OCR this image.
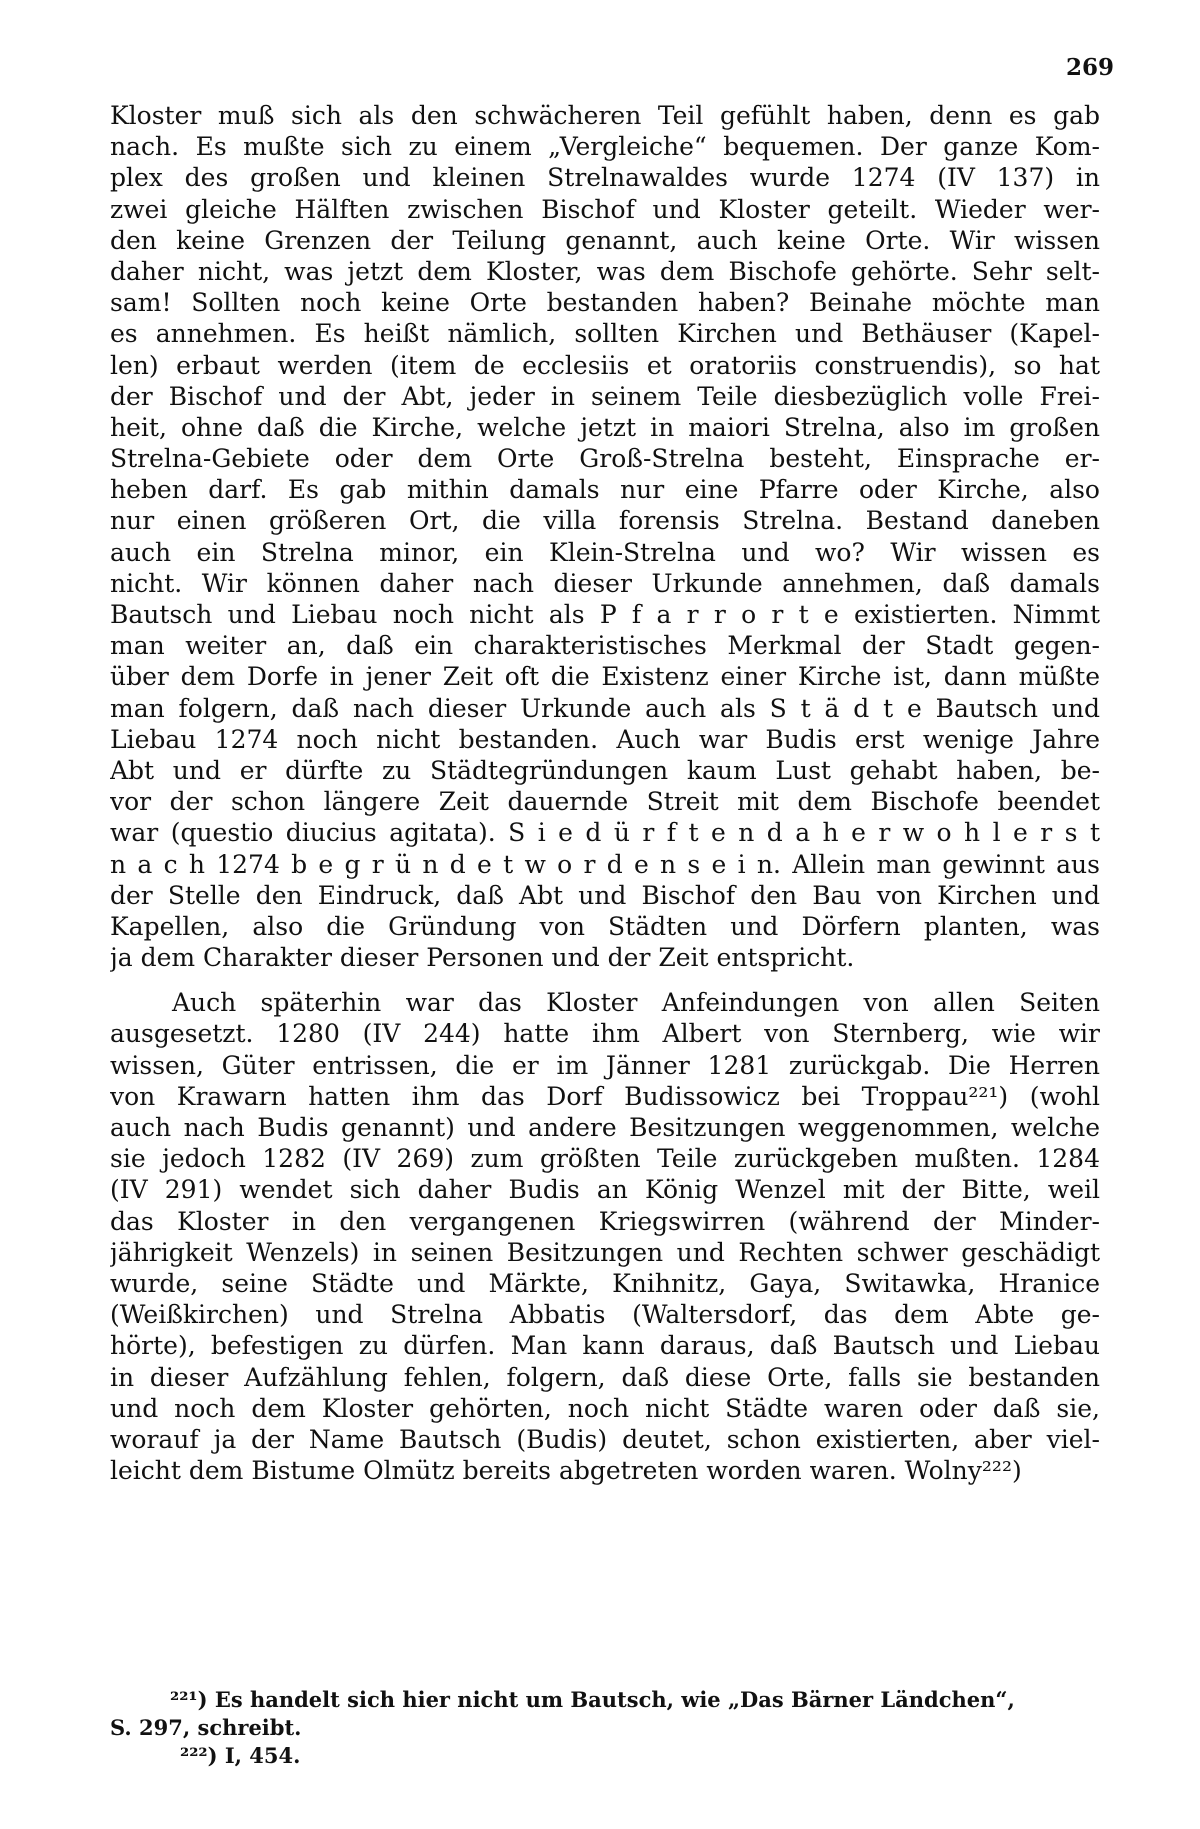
269
Kloster muß sich als den schwächeren Teil gefühlt haben, denn es gab
nach. Es mußte sich zu einem „Vergleiche“ bequemen. Der ganze Kom-
plex des großen und kleinen Strelnawaldes wurde 1274 (IV 137) in
zwei gleiche Hälften zwischen Bischof und Kloster geteilt. Wieder wer-
den keine Grenzen der Teilung genannt, auch keine Orte. Wir wissen
daher nicht, was jetzt dem Kloster, was dem Bischofe gehörte. Sehr selt-
sam! Sollten noch keine Orte bestanden haben? Beinahe möchte man
es annehmen. Es heißt nämlich, sollten Kirchen und Bethäuser (Kapel-
len) erbaut werden (item de ecclesiis et oratoriis construendis), so hat
der Bischof und der Abt, jeder in seinem Teile diesbezüglich volle Frei-
heit, ohne daß die Kirche, welche jetzt in maiori Strelna, also im großen
Strelna-Gebiete oder dem Orte Groß-Strelna besteht, Einsprache er-
heben darf. Es gab mithin damals nur eine Pfarre oder Kirche, also
nur einen größeren Ort, die villa forensis Strelna. Bestand daneben
auch ein Strelna minor, ein Klein-Strelna und wo? Wir wissen es
nicht. Wir können daher nach dieser Urkunde annehmen, daß damals
Bautsch und Liebau noch nicht als P f a r r o r t e existierten. Nimmt
man weiter an, daß ein charakteristisches Merkmal der Stadt gegen-
über dem Dorfe in jener Zeit oft die Existenz einer Kirche ist, dann müßte
man folgern, daß nach dieser Urkunde auch als S t ä d t e Bautsch und
Liebau 1274 noch nicht bestanden. Auch war Budis erst wenige Jahre
Abt und er dürfte zu Städtegründungen kaum Lust gehabt haben, be-
vor der schon längere Zeit dauernde Streit mit dem Bischofe beendet
war (questio diucius agitata). S i e d ü r f t e n d a h e r w o h l e r s t
n a c h 1274 b e g r ü n d e t w o r d e n s e i n. Allein man gewinnt aus
der Stelle den Eindruck, daß Abt und Bischof den Bau von Kirchen und
Kapellen, also die Gründung von Städten und Dörfern planten, was
ja dem Charakter dieser Personen und der Zeit entspricht.
Auch späterhin war das Kloster Anfeindungen von allen Seiten
ausgesetzt. 1280 (IV 244) hatte ihm Albert von Sternberg, wie wir
wissen, Güter entrissen, die er im Jänner 1281 zurückgab. Die Herren
von Krawarn hatten ihm das Dorf Budissowicz bei Troppau²²¹) (wohl
auch nach Budis genannt) und andere Besitzungen weggenommen, welche
sie jedoch 1282 (IV 269) zum größten Teile zurückgeben mußten. 1284
(IV 291) wendet sich daher Budis an König Wenzel mit der Bitte, weil
das Kloster in den vergangenen Kriegswirren (während der Minder-
jährigkeit Wenzels) in seinen Besitzungen und Rechten schwer geschädigt
wurde, seine Städte und Märkte, Knihnitz, Gaya, Switawka, Hranice
(Weißkirchen) und Strelna Abbatis (Waltersdorf, das dem Abte ge-
hörte), befestigen zu dürfen. Man kann daraus, daß Bautsch und Liebau
in dieser Aufzählung fehlen, folgern, daß diese Orte, falls sie bestanden
und noch dem Kloster gehörten, noch nicht Städte waren oder daß sie,
worauf ja der Name Bautsch (Budis) deutet, schon existierten, aber viel-
leicht dem Bistume Olmütz bereits abgetreten worden waren. Wolny²²²)
²²¹) Es handelt sich hier nicht um Bautsch, wie „Das Bärner Ländchen“,
S. 297, schreibt.
²²²) I, 454.
